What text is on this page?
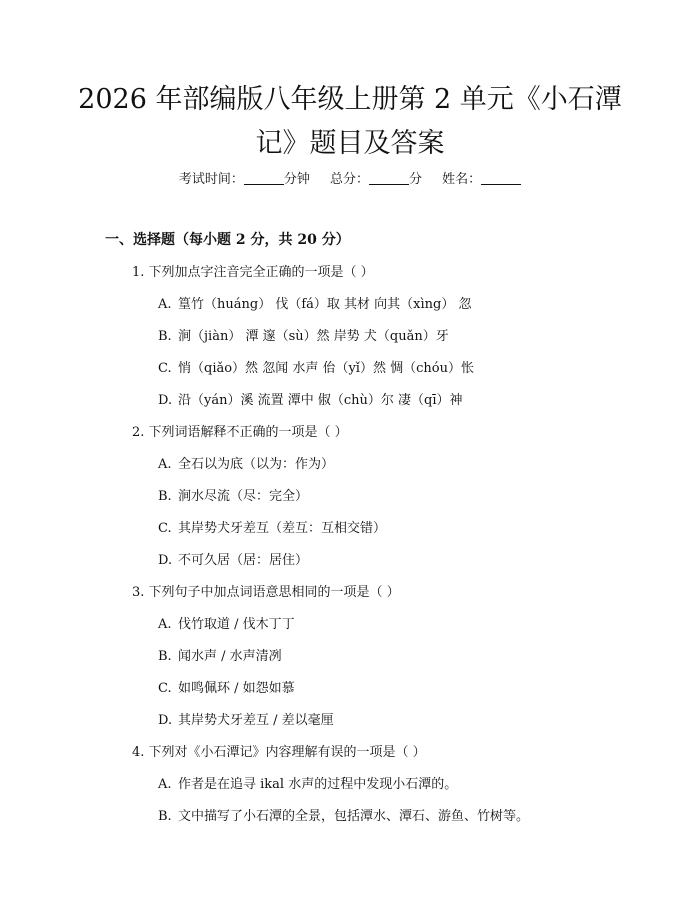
2026 年部编版八年级上册第 2 单元《小石潭
记》题目及答案
考试时间：	分钟 总分：	分 姓名：
一、选择题（每小题 2 分，共 20 分）
1. 下列加点字注音完全正确的一项是（ ）
A. 篁竹（huáng） 伐（fá）取 其材 向其（xìng） 忽
B. 涧（jiàn） 潭 邃（sù）然 岸势 犬（quǎn）牙
C. 悄（qiǎo）然 忽闻 水声 佁（yǐ）然 惆（chóu）怅
D. 沿（yán）溪 流置 潭中 俶（chù）尔 凄（qī）神
2. 下列词语解释不正确的一项是（ ）
A. 全石以为底（以为：作为）
B. 涧水尽流（尽：完全）
C. 其岸势犬牙差互（差互：互相交错）
D. 不可久居（居：居住）
3. 下列句子中加点词语意思相同的一项是（ ）
A. 伐竹取道 / 伐木丁丁
B. 闻水声 / 水声清冽
C. 如鸣佩环 / 如怨如慕
D. 其岸势犬牙差互 / 差以毫厘
4. 下列对《小石潭记》内容理解有误的一项是（ ）
A. 作者是在追寻 ikal 水声的过程中发现小石潭的。
B. 文中描写了小石潭的全景，包括潭水、潭石、游鱼、竹树等。
